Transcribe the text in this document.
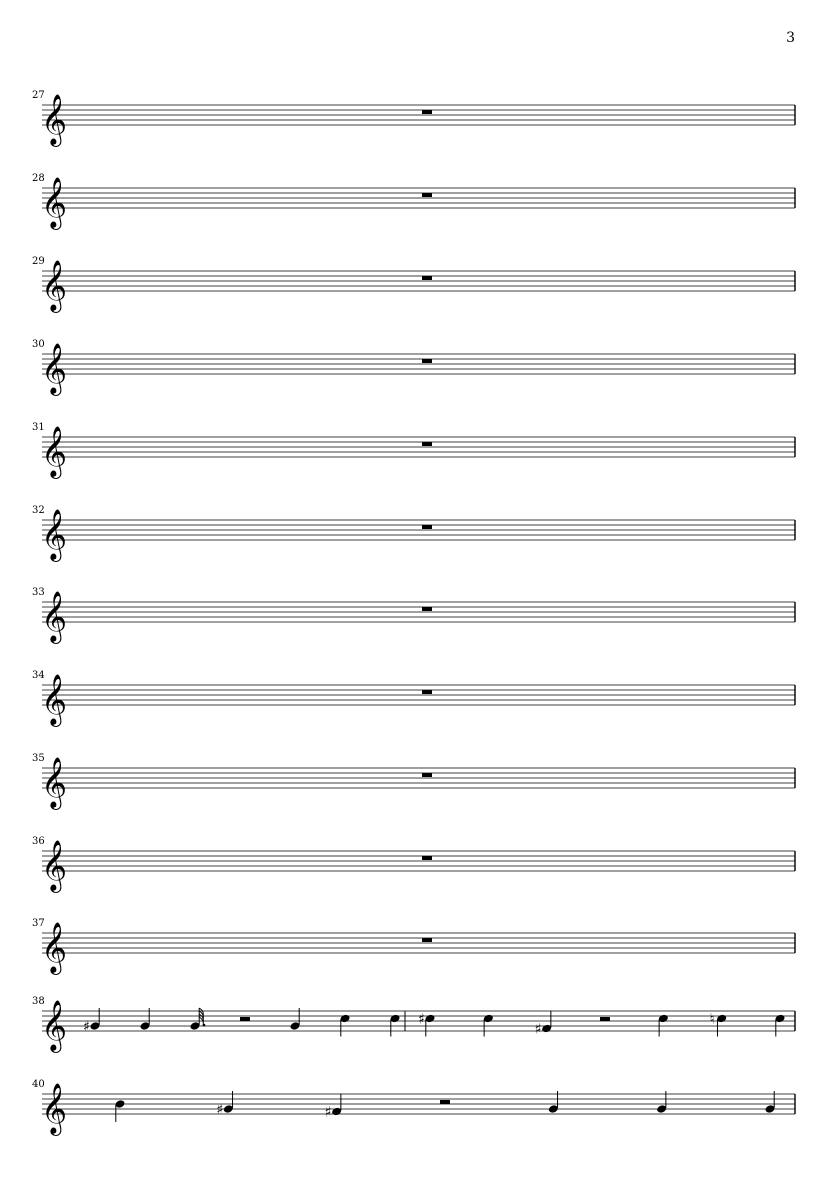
3
27
𝄞
28
𝄞
29
𝄞
30
𝄞
31
𝄞
32
𝄞
33
𝄞
34
𝄞
35
𝄞
36
𝄞
37
𝄞
38
𝄞 ♯	♯
♯
♮
40
𝄞	♯	♯
